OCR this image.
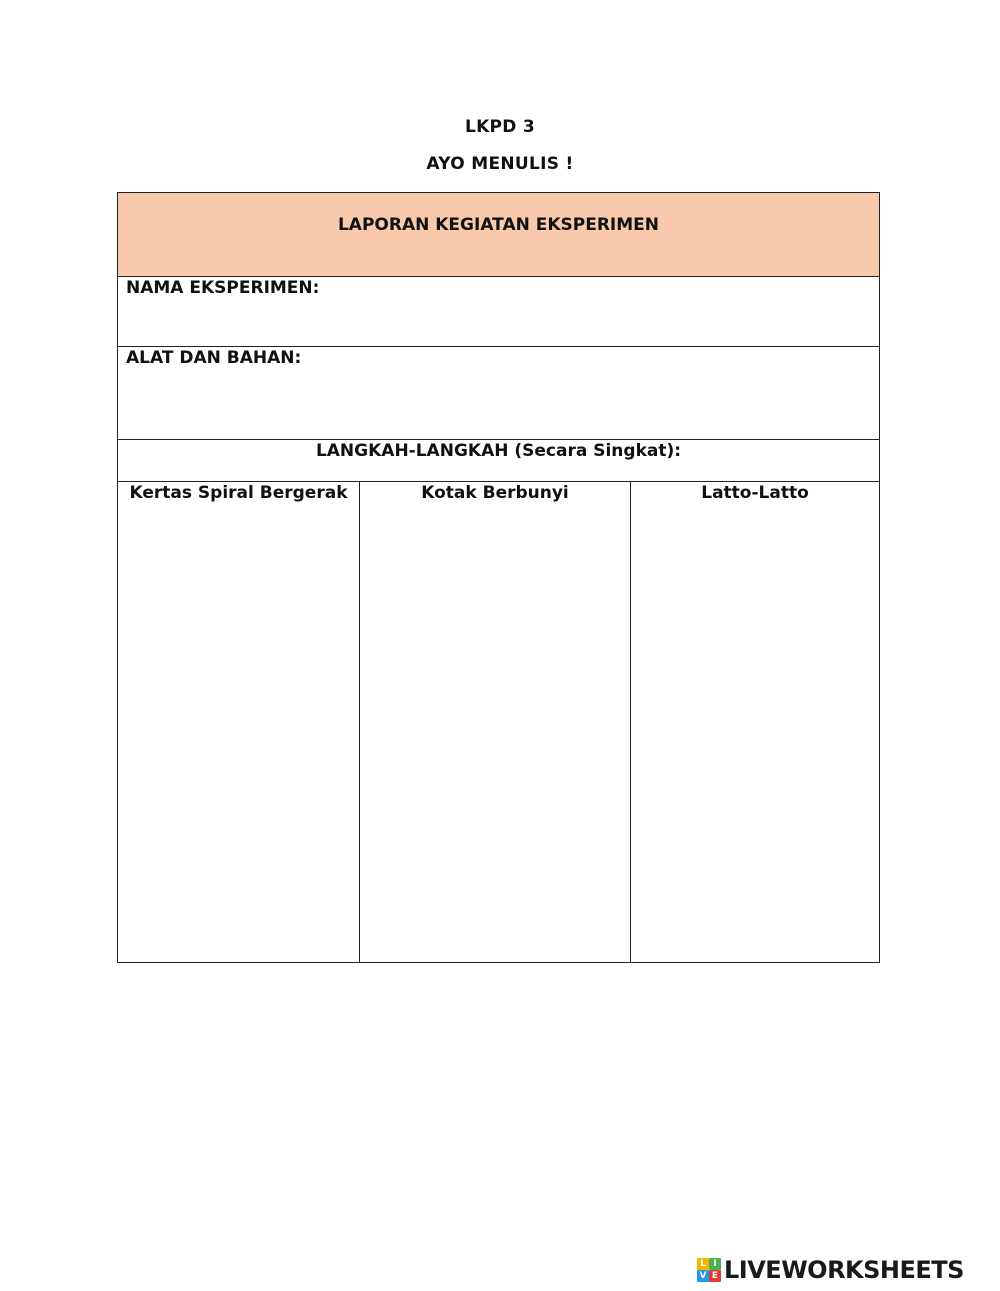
LKPD 3
AYO MENULIS !
LAPORAN KEGIATAN EKSPERIMEN
NAMA EKSPERIMEN:
ALAT DAN BAHAN:
LANGKAH-LANGKAH (Secara Singkat):
Kertas Spiral Bergerak	Kotak Berbunyi	Latto-Latto
L I
V E LIVEWORKSHEETS
